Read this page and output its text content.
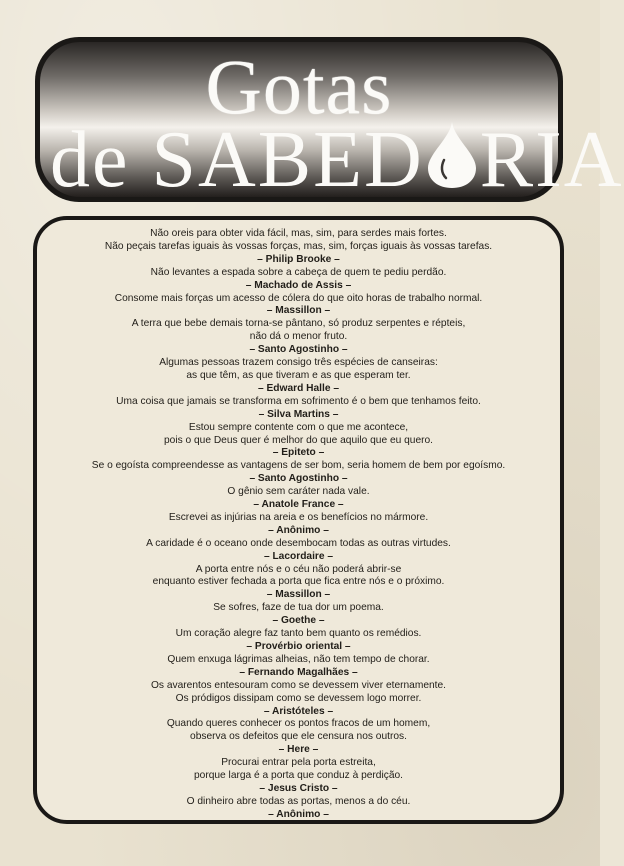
Gotas
de SABED RIA
Não oreis para obter vida fácil, mas, sim, para serdes mais fortes.
Não peçais tarefas iguais às vossas forças, mas, sim, forças iguais às vossas tarefas.
– Philip Brooke –
Não levantes a espada sobre a cabeça de quem te pediu perdão.
– Machado de Assis –
Consome mais forças um acesso de cólera do que oito horas de trabalho normal.
– Massillon –
A terra que bebe demais torna-se pântano, só produz serpentes e répteis,
não dá o menor fruto.
– Santo Agostinho –
Algumas pessoas trazem consigo três espécies de canseiras:
as que têm, as que tiveram e as que esperam ter.
– Edward Halle –
Uma coisa que jamais se transforma em sofrimento é o bem que tenhamos feito.
– Silva Martins –
Estou sempre contente com o que me acontece,
pois o que Deus quer é melhor do que aquilo que eu quero.
– Epiteto –
Se o egoísta compreendesse as vantagens de ser bom, seria homem de bem por egoísmo.
– Santo Agostinho –
O gênio sem caráter nada vale.
– Anatole France –
Escrevei as injúrias na areia e os benefícios no mármore.
– Anônimo –
A caridade é o oceano onde desembocam todas as outras virtudes.
– Lacordaire –
A porta entre nós e o céu não poderá abrir-se
enquanto estiver fechada a porta que fica entre nós e o próximo.
– Massillon –
Se sofres, faze de tua dor um poema.
– Goethe –
Um coração alegre faz tanto bem quanto os remédios.
– Provérbio oriental –
Quem enxuga lágrimas alheias, não tem tempo de chorar.
– Fernando Magalhães –
Os avarentos entesouram como se devessem viver eternamente.
Os pródigos dissipam como se devessem logo morrer.
– Aristóteles –
Quando queres conhecer os pontos fracos de um homem,
observa os defeitos que ele censura nos outros.
– Here –
Procurai entrar pela porta estreita,
porque larga é a porta que conduz à perdição.
– Jesus Cristo –
O dinheiro abre todas as portas, menos a do céu.
– Anônimo –
